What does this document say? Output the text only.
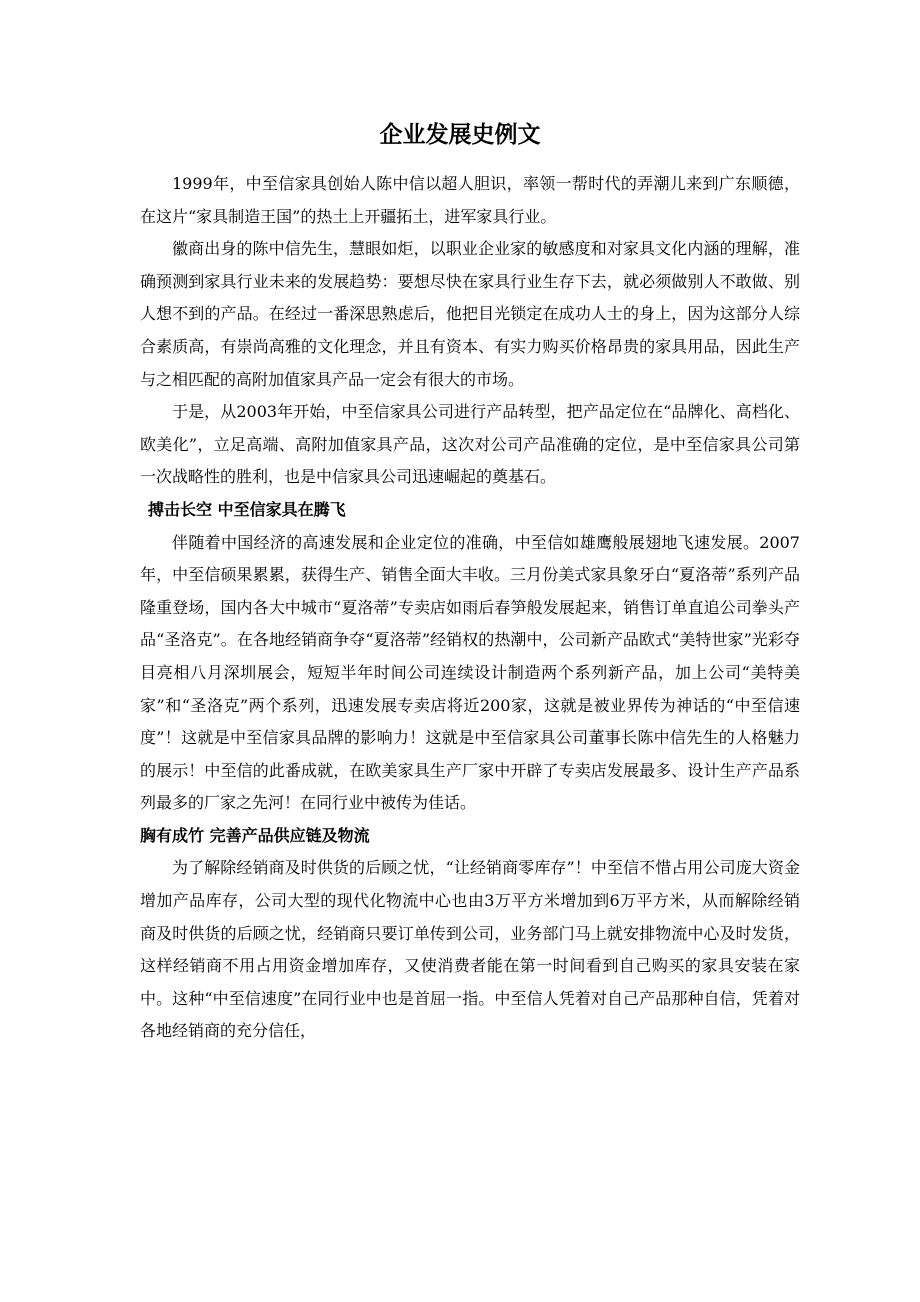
企业发展史例文

1999年，中至信家具创始人陈中信以超人胆识，率领一帮时代的弄潮儿来到广东顺德，在这片“家具制造王国”的热土上开疆拓土，进军家具行业。

徽商出身的陈中信先生，慧眼如炬，以职业企业家的敏感度和对家具文化内涵的理解，准确预测到家具行业未来的发展趋势：要想尽快在家具行业生存下去，就必须做别人不敢做、别人想不到的产品。在经过一番深思熟虑后，他把目光锁定在成功人士的身上，因为这部分人综合素质高，有崇尚高雅的文化理念，并且有资本、有实力购买价格昂贵的家具用品，因此生产与之相匹配的高附加值家具产品一定会有很大的市场。

于是，从2003年开始，中至信家具公司进行产品转型，把产品定位在“品牌化、高档化、欧美化”，立足高端、高附加值家具产品，这次对公司产品准确的定位，是中至信家具公司第一次战略性的胜利，也是中信家具公司迅速崛起的奠基石。

搏击长空 中至信家具在腾飞

伴随着中国经济的高速发展和企业定位的准确，中至信如雄鹰般展翅地飞速发展。2007年，中至信硕果累累，获得生产、销售全面大丰收。三月份美式家具象牙白“夏洛蒂”系列产品隆重登场，国内各大中城市“夏洛蒂”专卖店如雨后春笋般发展起来，销售订单直追公司拳头产品“圣洛克”。在各地经销商争夺“夏洛蒂”经销权的热潮中，公司新产品欧式“美特世家”光彩夺目亮相八月深圳展会，短短半年时间公司连续设计制造两个系列新产品，加上公司“美特美家”和“圣洛克”两个系列，迅速发展专卖店将近200家，这就是被业界传为神话的“中至信速度”！这就是中至信家具品牌的影响力！这就是中至信家具公司董事长陈中信先生的人格魅力的展示！中至信的此番成就，在欧美家具生产厂家中开辟了专卖店发展最多、设计生产产品系列最多的厂家之先河！在同行业中被传为佳话。

胸有成竹 完善产品供应链及物流

为了解除经销商及时供货的后顾之忧，“让经销商零库存”！中至信不惜占用公司庞大资金增加产品库存，公司大型的现代化物流中心也由3万平方米增加到6万平方米，从而解除经销商及时供货的后顾之忧，经销商只要订单传到公司，业务部门马上就安排物流中心及时发货，这样经销商不用占用资金增加库存，又使消费者能在第一时间看到自己购买的家具安装在家中。这种“中至信速度”在同行业中也是首屈一指。中至信人凭着对自己产品那种自信，凭着对各地经销商的充分信任，
